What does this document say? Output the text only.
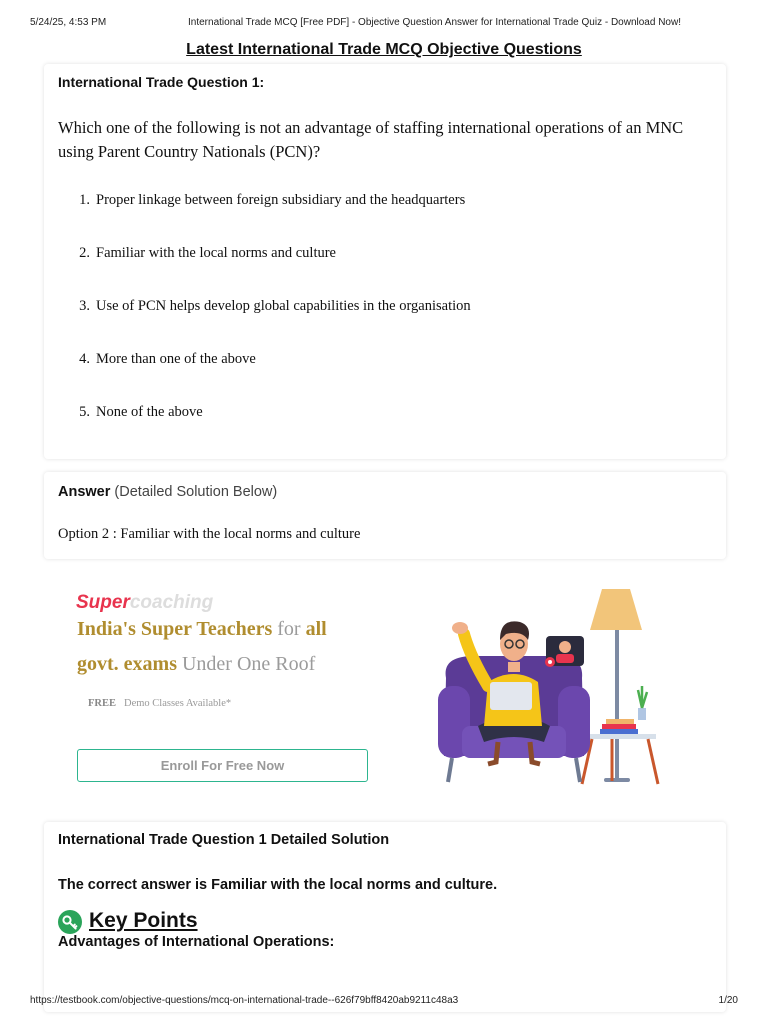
5/24/25, 4:53 PM	International Trade MCQ [Free PDF] - Objective Question Answer for International Trade Quiz - Download Now!
Latest International Trade MCQ Objective Questions
International Trade Question 1:
Which one of the following is not an advantage of staffing international operations of an MNC using Parent Country Nationals (PCN)?
1. Proper linkage between foreign subsidiary and the headquarters
2. Familiar with the local norms and culture
3. Use of PCN helps develop global capabilities in the organisation
4. More than one of the above
5. None of the above
Answer (Detailed Solution Below)
Option 2 : Familiar with the local norms and culture
Supercoaching
India's Super Teachers for all
govt. exams Under One Roof
FREE Demo Classes Available*
Enroll For Free Now
International Trade Question 1 Detailed Solution
The correct answer is Familiar with the local norms and culture.
Key Points
Advantages of International Operations:
https://testbook.com/objective-questions/mcq-on-international-trade--626f79bff8420ab9211c48a3	1/20
